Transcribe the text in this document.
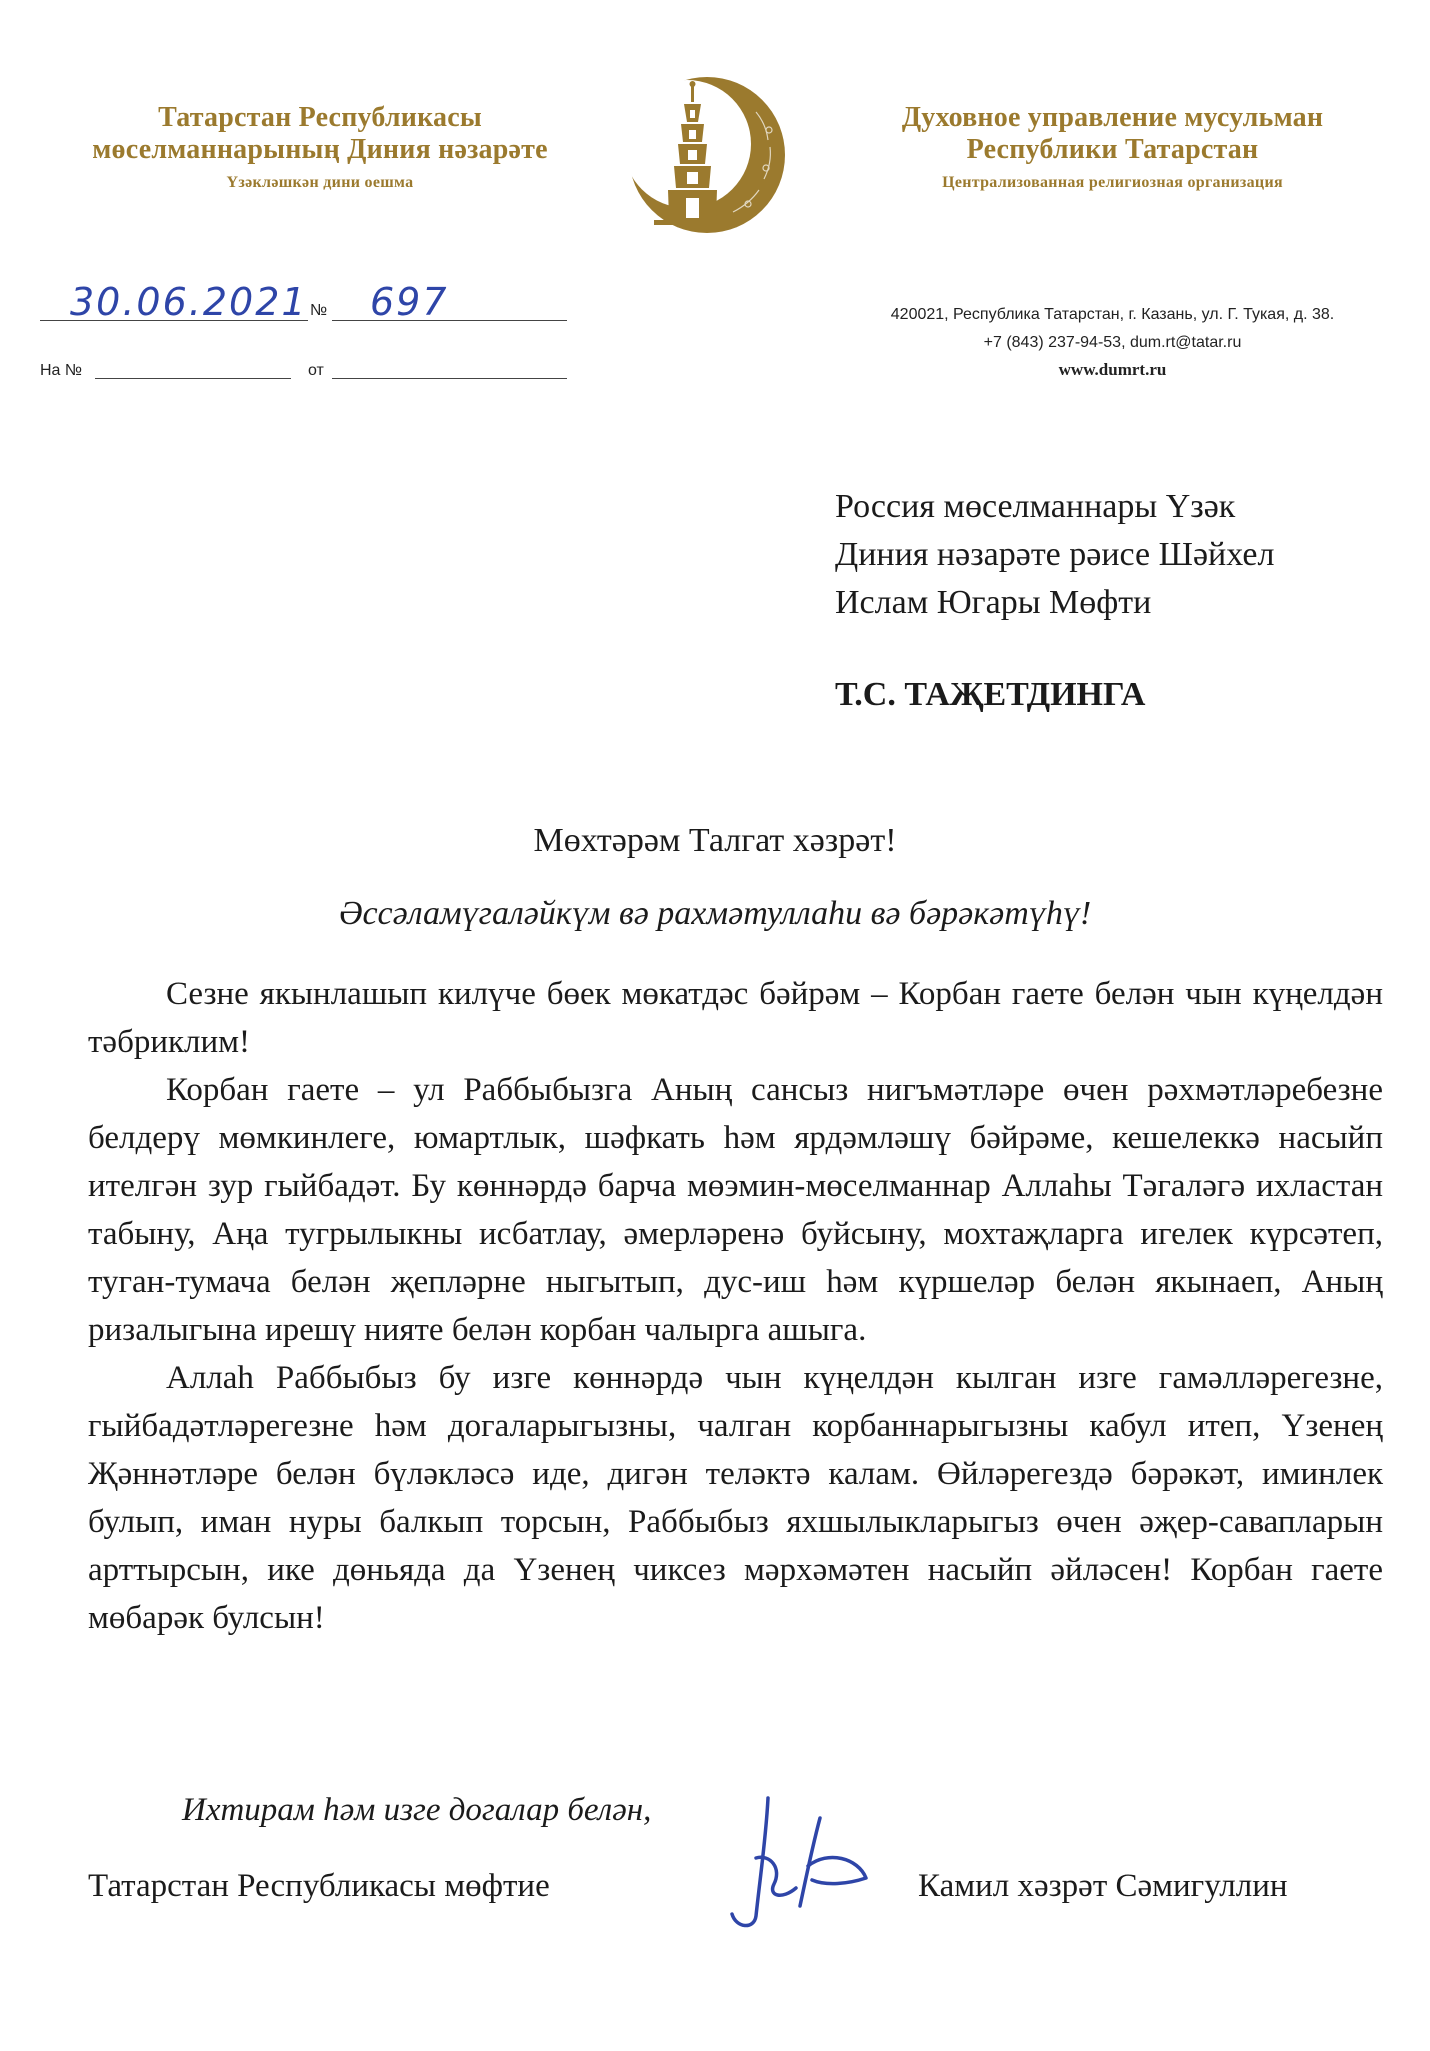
Татарстан Республикасы
мөселманнарының Диния нәзарәте
Үзәкләшкән дини оешма
Духовное управление мусульман
Республики Татарстан
Централизованная религиозная организация
30.06.2021 № 697
На №	от
420021, Республика Татарстан, г. Казань, ул. Г. Тукая, д. 38.
+7 (843) 237-94-53, dum.rt@tatar.ru
www.dumrt.ru
Россия мөселманнары Үзәк
Диния нәзарәте рәисе Шәйхел
Ислам Югары Мөфти
Т.С. ТАҖЕТДИНГА
Мөхтәрәм Талгат хәзрәт!
Әссәламүгаләйкүм вә рахмәтуллаһи вә бәрәкәтүһү!

Сезне якынлашып килүче бөек мөкатдәс бәйрәм – Корбан гаете белән чын күңелдән тәбриклим!

Корбан гаете – ул Раббыбызга Аның сансыз нигъмәтләре өчен рәхмәтләребезне белдерү мөмкинлеге, юмартлык, шәфкать һәм ярдәмләшү бәйрәме, кешелеккә насыйп ителгән зур гыйбадәт. Бу көннәрдә барча мөэмин-мөселманнар Аллаһы Тәгаләгә ихластан табыну, Аңа тугрылыкны исбатлау, әмерләренә буйсыну, мохтаҗларга игелек күрсәтеп, туган-тумача белән җепләрне ныгытып, дус-иш һәм күршеләр белән якынаеп, Аның ризалыгына ирешү нияте белән корбан чалырга ашыга.

Аллаһ Раббыбыз бу изге көннәрдә чын күңелдән кылган изге гамәлләрегезне, гыйбадәтләрегезне һәм догаларыгызны, чалган корбаннарыгызны кабул итеп, Үзенең Җәннәтләре белән бүләкләсә иде, дигән теләктә калам. Өйләрегездә бәрәкәт, иминлек булып, иман нуры балкып торсын, Раббыбыз яхшылыкларыгыз өчен әҗер-савапларын арттырсын, ике дөньяда да Үзенең чиксез мәрхәмәтен насыйп әйләсен! Корбан гаете мөбарәк булсын!

Ихтирам һәм изге догалар белән,
Татарстан Республикасы мөфтие	Камил хәзрәт Сәмигуллин
